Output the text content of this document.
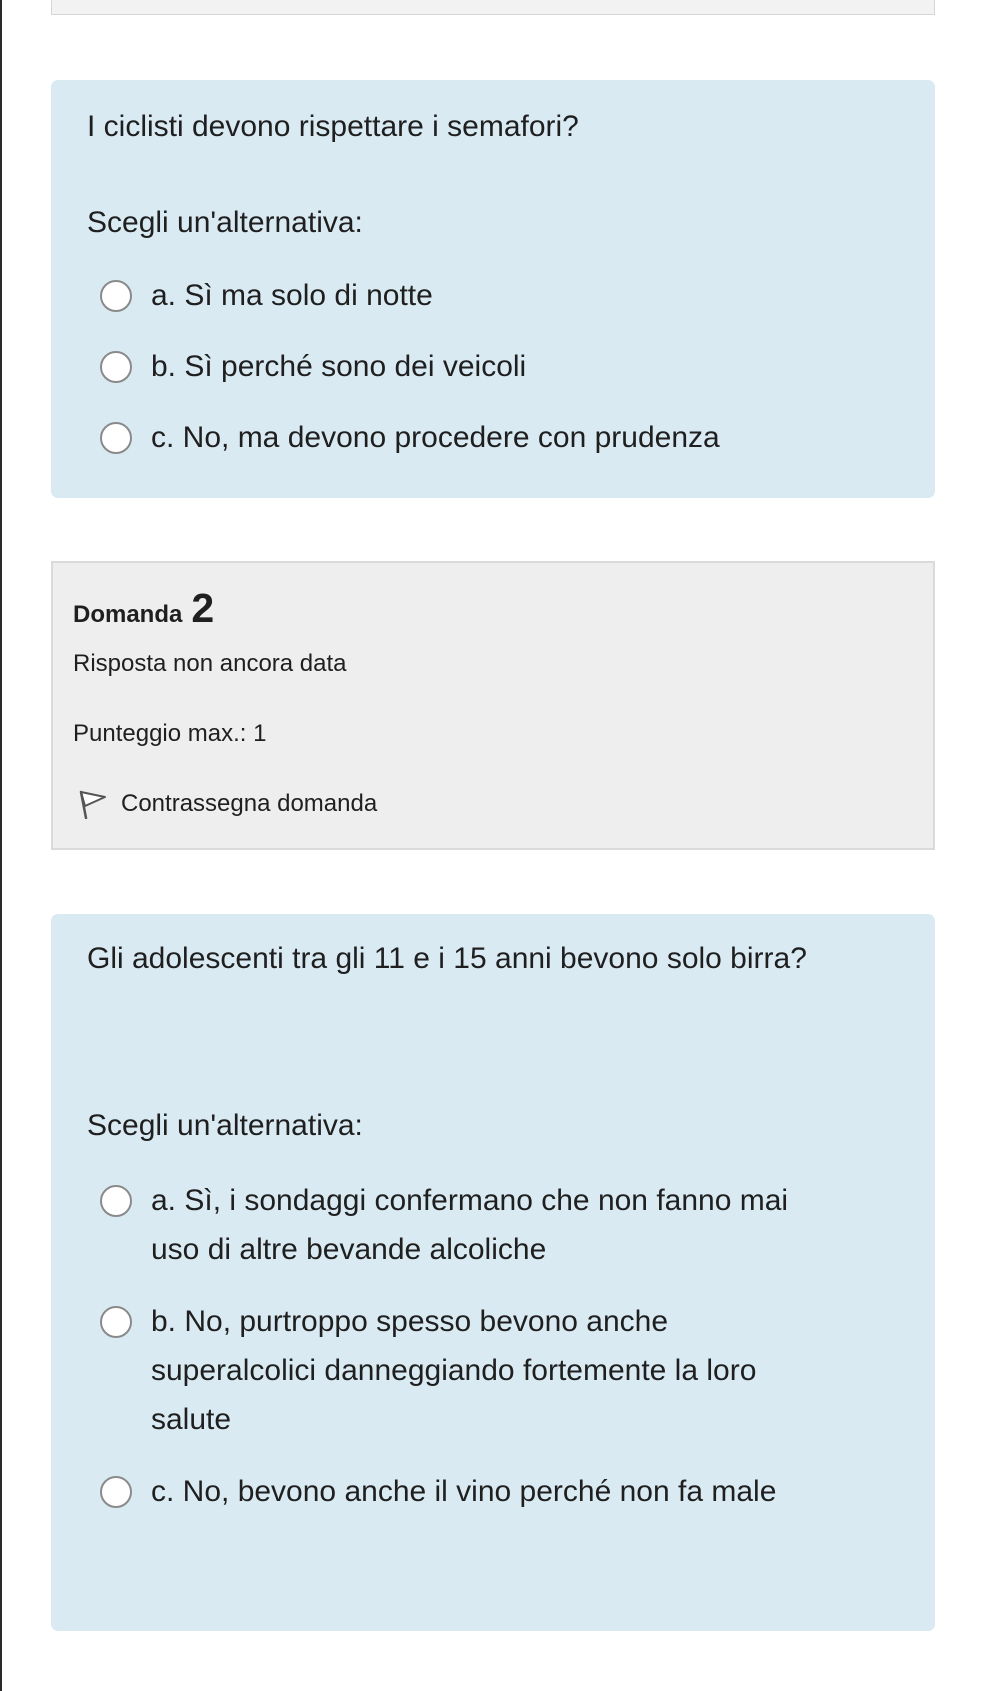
I ciclisti devono rispettare i semafori?

Scegli un'alternativa:

a. Sì ma solo di notte
b. Sì perché sono dei veicoli
c. No, ma devono procedere con prudenza
Domanda 2
Risposta non ancora data
Punteggio max.: 1
Contrassegna domanda

Gli adolescenti tra gli 11 e i 15 anni bevono solo birra?

Scegli un'alternativa:

a. Sì, i sondaggi confermano che non fanno mai uso di altre bevande alcoliche
b. No, purtroppo spesso bevono anche superalcolici danneggiando fortemente la loro salute
c. No, bevono anche il vino perché non fa male
